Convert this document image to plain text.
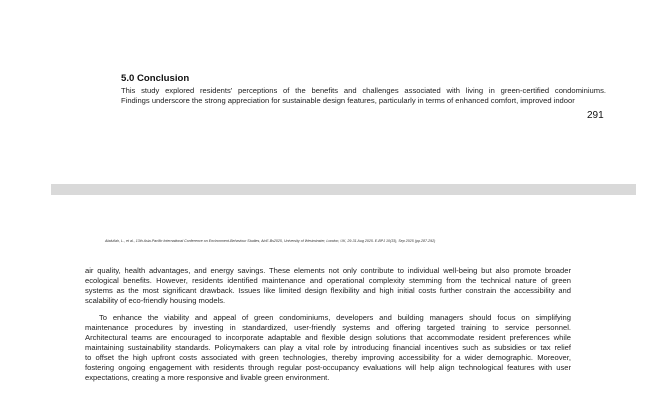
5.0 Conclusion
This study explored residents’ perceptions of the benefits and challenges associated with living in green-certified condominiums.
Findings underscore the strong appreciation for sustainable design features, particularly in terms of enhanced comfort, improved indoor
291
Abdullah, L., et al., 13th Asia-Pacific International Conference on Environment-Behaviour Studies, AicE-Bs2025, University of Westminster, London, UK, 29-31 Aug 2025. E-BPJ 10(33), Sep 2025 (pp.287-292)
air quality, health advantages, and energy savings. These elements not only contribute to individual well-being but also promote broader
ecological benefits. However, residents identified maintenance and operational complexity stemming from the technical nature of green
systems as the most significant drawback. Issues like limited design flexibility and high initial costs further constrain the accessibility and
scalability of eco-friendly housing models.
To enhance the viability and appeal of green condominiums, developers and building managers should focus on simplifying
maintenance procedures by investing in standardized, user-friendly systems and offering targeted training to service personnel.
Architectural teams are encouraged to incorporate adaptable and flexible design solutions that accommodate resident preferences while
maintaining sustainability standards. Policymakers can play a vital role by introducing financial incentives such as subsidies or tax relief
to offset the high upfront costs associated with green technologies, thereby improving accessibility for a wider demographic. Moreover,
fostering ongoing engagement with residents through regular post-occupancy evaluations will help align technological features with user
expectations, creating a more responsive and livable green environment.
